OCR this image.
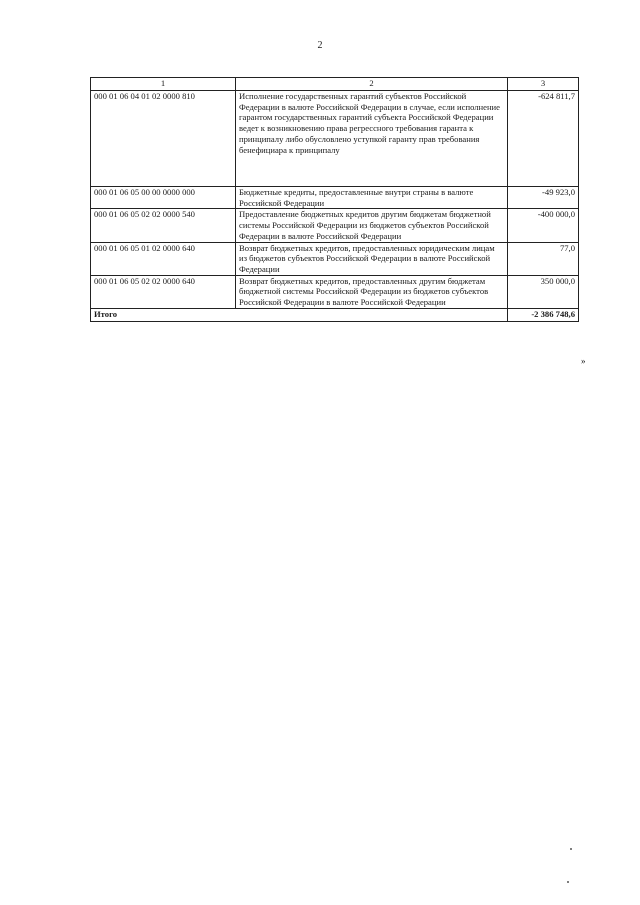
2
1	2	3
000 01 06 04 01 02 0000 810	Исполнение государственных гарантий субъектов Российской Федерации в валюте Российской Федерации в случае, если исполнение гарантом государственных гарантий субъекта Российской Федерации ведет к возникновению права регрессного требования гаранта к принципалу либо обусловлено уступкой гаранту прав требования бенефициара к принципалу	-624 811,7
000 01 06 05 00 00 0000 000	Бюджетные кредиты, предоставленные внутри страны в валюте Российской Федерации	-49 923,0
000 01 06 05 02 02 0000 540	Предоставление бюджетных кредитов другим бюджетам бюджетной системы Российской Федерации из бюджетов субъектов Российской Федерации в валюте Российской Федерации	-400 000,0
000 01 06 05 01 02 0000 640	Возврат бюджетных кредитов, предоставленных юридическим лицам из бюджетов субъектов Российской Федерации в валюте Российской Федерации	77,0
000 01 06 05 02 02 0000 640	Возврат бюджетных кредитов, предоставленных другим бюджетам бюджетной системы Российской Федерации из бюджетов субъектов Российской Федерации в валюте Российской Федерации	350 000,0
Итого		-2 386 748,6
»
